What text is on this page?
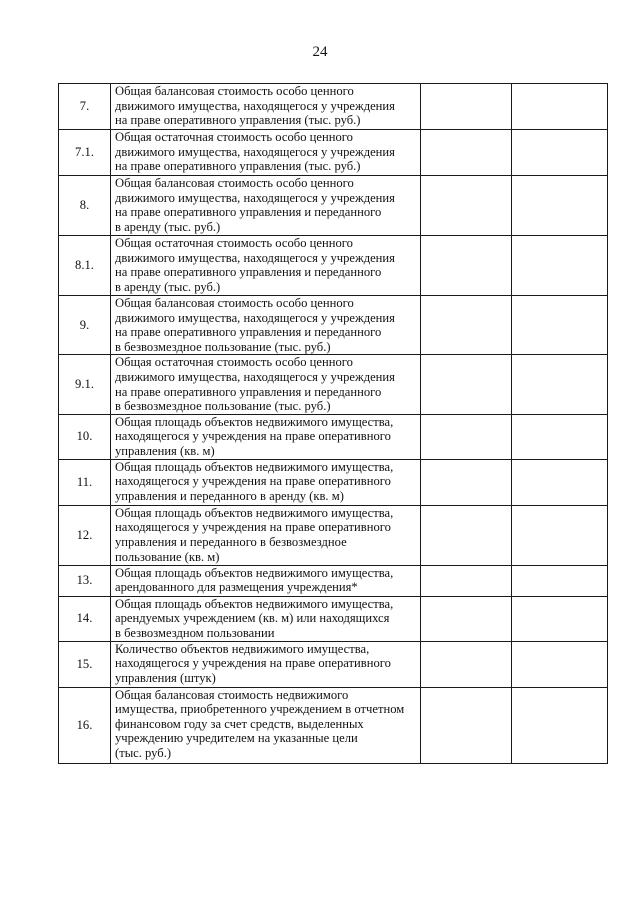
24
7.	Общая балансовая стоимость особо ценного
движимого имущества, находящегося у учреждения
на праве оперативного управления (тыс. руб.)		

7.1.	Общая остаточная стоимость особо ценного
движимого имущества, находящегося у учреждения
на праве оперативного управления (тыс. руб.)		

8.	Общая балансовая стоимость особо ценного
движимого имущества, находящегося у учреждения
на праве оперативного управления и переданного
в аренду (тыс. руб.)		

8.1.	Общая остаточная стоимость особо ценного
движимого имущества, находящегося у учреждения
на праве оперативного управления и переданного
в аренду (тыс. руб.)		

9.	Общая балансовая стоимость особо ценного
движимого имущества, находящегося у учреждения
на праве оперативного управления и переданного
в безвозмездное пользование (тыс. руб.)		

9.1.	Общая остаточная стоимость особо ценного
движимого имущества, находящегося у учреждения
на праве оперативного управления и переданного
в безвозмездное пользование (тыс. руб.)		

10.	Общая площадь объектов недвижимого имущества,
находящегося у учреждения на праве оперативного
управления (кв. м)		

11.	Общая площадь объектов недвижимого имущества,
находящегося у учреждения на праве оперативного
управления и переданного в аренду (кв. м)		

12.	Общая площадь объектов недвижимого имущества,
находящегося у учреждения на праве оперативного
управления и переданного в безвозмездное
пользование (кв. м)		

13.	Общая площадь объектов недвижимого имущества,
арендованного для размещения учреждения*		

14.	Общая площадь объектов недвижимого имущества,
арендуемых учреждением (кв. м) или находящихся
в безвозмездном пользовании		

15.	Количество объектов недвижимого имущества,
находящегося у учреждения на праве оперативного
управления (штук)		

16.	Общая балансовая стоимость недвижимого
имущества, приобретенного учреждением в отчетном
финансовом году за счет средств, выделенных
учреждению учредителем на указанные цели
(тыс. руб.)		
